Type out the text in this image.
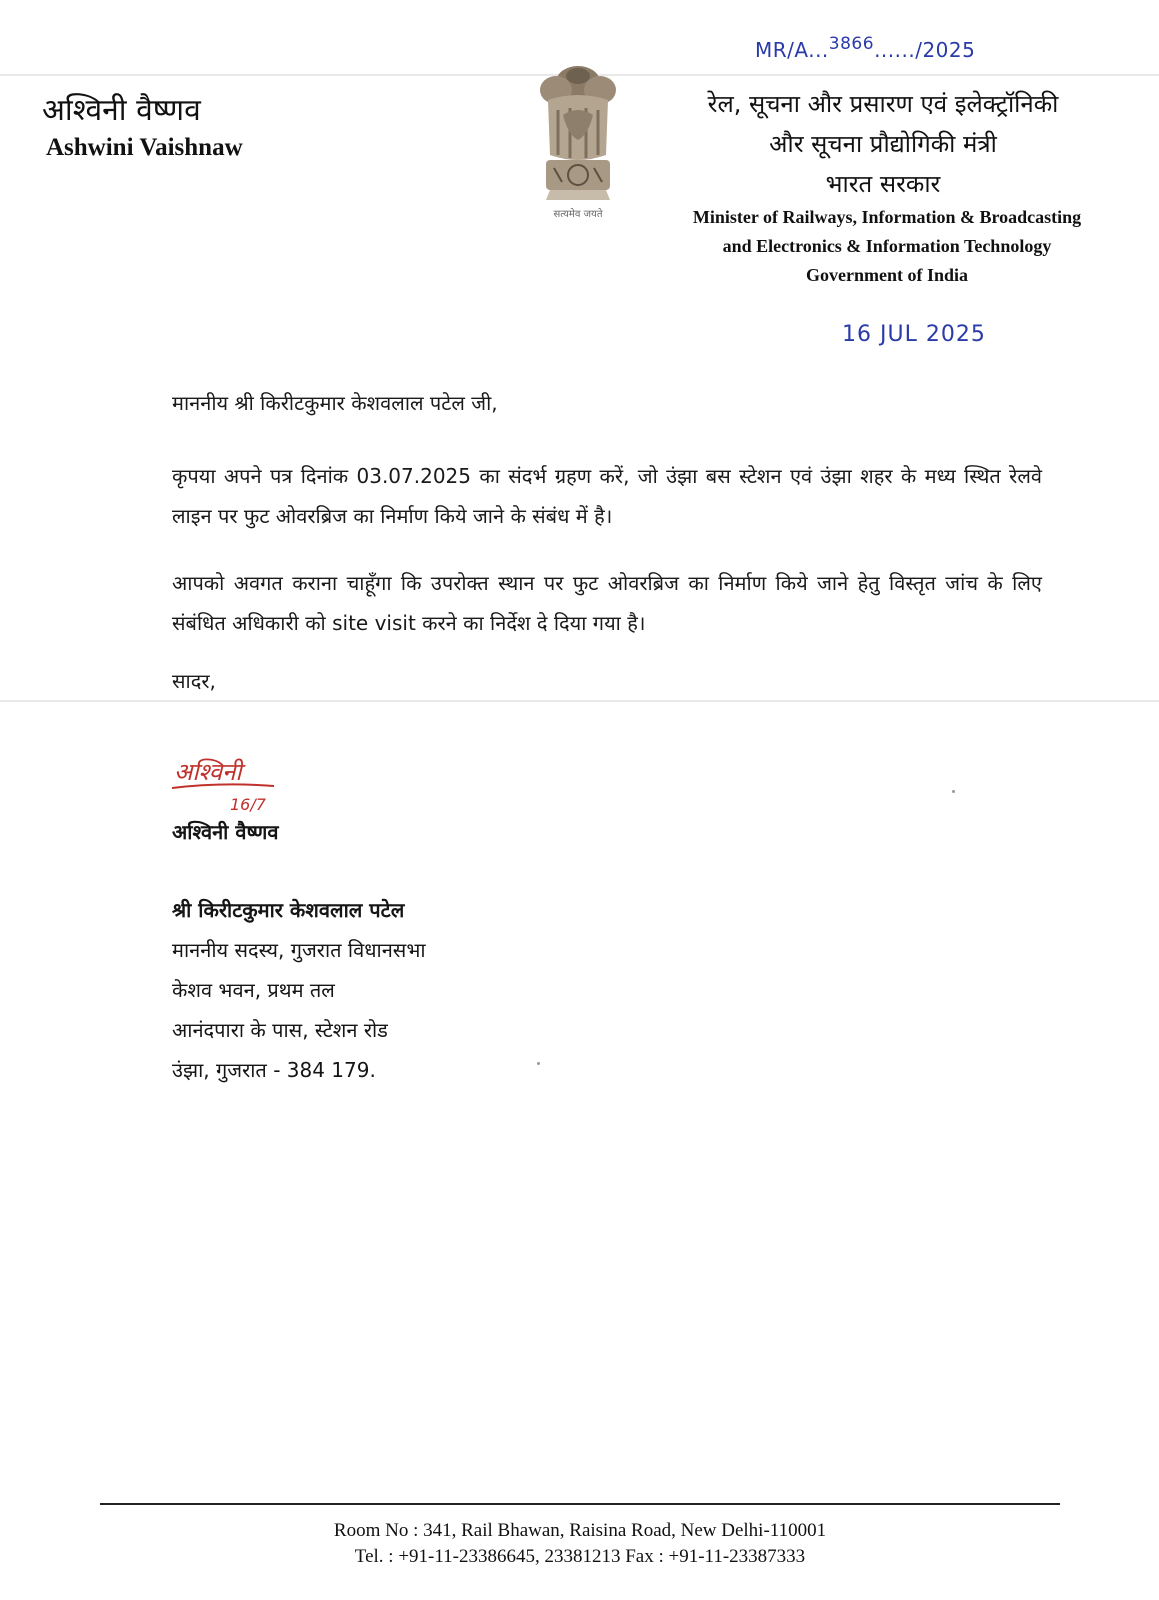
MR/A...$^{3866}$....../2025
अश्विनी वैष्णव
Ashwini Vaishnaw
सत्यमेव जयते
रेल, सूचना और प्रसारण एवं इलेक्ट्रॉनिकी
और सूचना प्रौद्योगिकी मंत्री
भारत सरकार
Minister of Railways, Information & Broadcasting
and Electronics & Information Technology
Government of India
16 JUL 2025
माननीय श्री किरीटकुमार केशवलाल पटेल जी,
कृपया अपने पत्र दिनांक 03.07.2025 का संदर्भ ग्रहण करें, जो उंझा बस स्टेशन एवं उंझा शहर के मध्य स्थित रेलवे लाइन पर फुट ओवरब्रिज का निर्माण किये जाने के संबंध में है।
आपको अवगत कराना चाहूँगा कि उपरोक्त स्थान पर फुट ओवरब्रिज का निर्माण किये जाने हेतु विस्तृत जांच के लिए संबंधित अधिकारी को site visit करने का निर्देश दे दिया गया है।
सादर,
अश्विनी
16/7
अश्विनी वैष्णव
श्री किरीटकुमार केशवलाल पटेल
माननीय सदस्य, गुजरात विधानसभा
केशव भवन, प्रथम तल
आनंदपारा के पास, स्टेशन रोड
उंझा, गुजरात - 384 179.
Room No : 341, Rail Bhawan, Raisina Road, New Delhi-110001
Tel. : +91-11-23386645, 23381213 Fax : +91-11-23387333
